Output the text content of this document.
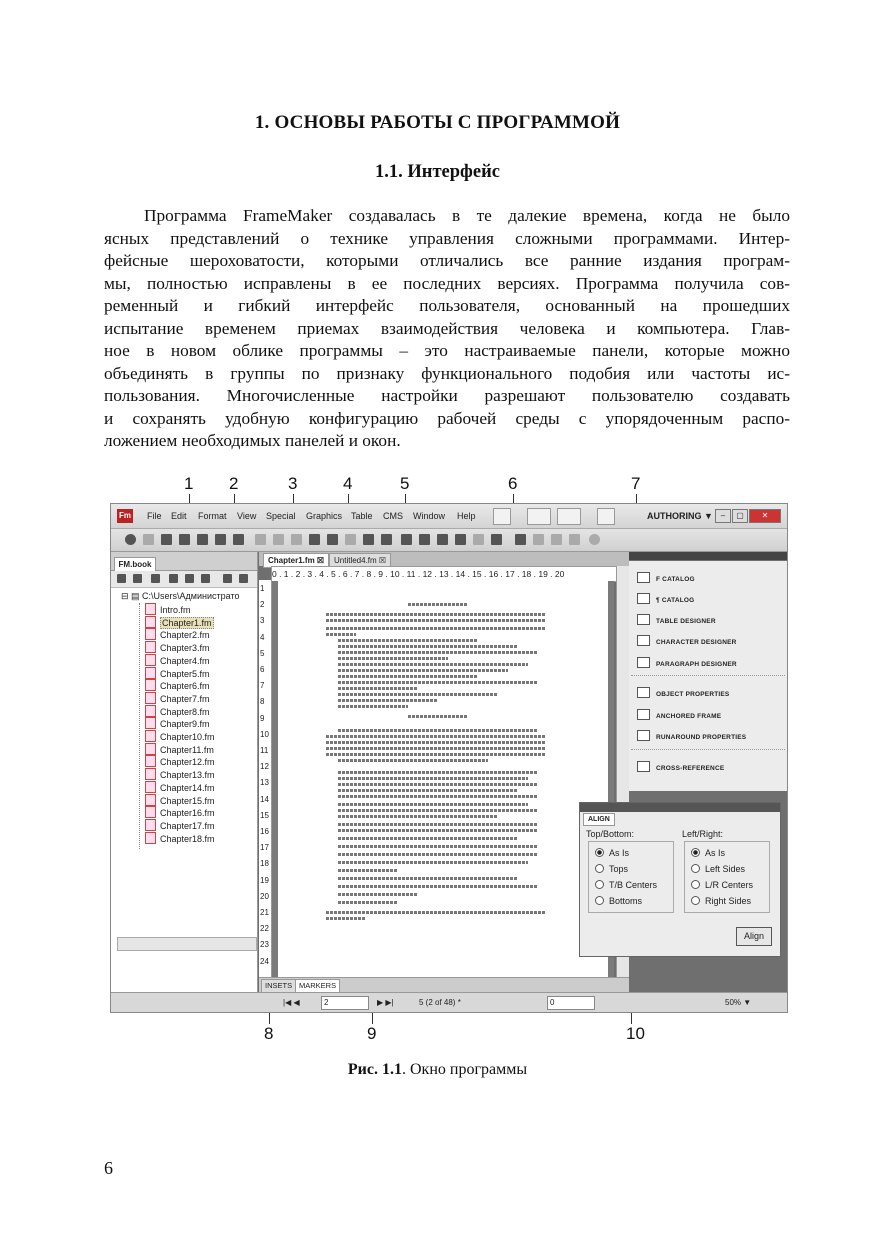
1. ОСНОВЫ РАБОТЫ С ПРОГРАММОЙ
1.1. Интерфейс
Программа FrameMaker создавалась в те далекие времена, когда не было
ясных представлений о технике управления сложными программами. Интер-
фейсные шероховатости, которыми отличались все ранние издания програм-
мы, полностью исправлены в ее последних версиях. Программа получила сов-
ременный и гибкий интерфейс пользователя, основанный на прошедших
испытание временем приемах взаимодействия человека и компьютера. Глав-
ное в новом облике программы – это настраиваемые панели, которые можно
объединять в группы по признаку функционального подобия или частоты ис-
пользования. Многочисленные настройки разрешают пользователю создавать
и сохранять удобную конфигурацию рабочей среды с упорядоченным распо-
ложением необходимых панелей и окон.
1 2	3	4	5	6	7
8	9	10
Fm File Edit Format View Special Graphics Table CMS Window Help	AUTHORING ▼ –	▢	✕
FM.book
⊟ ▤ C:\Users\Администрато
Intro.fm
Chapter1.fm
Chapter2.fm
Chapter3.fm
Chapter4.fm
Chapter5.fm
Chapter6.fm
Chapter7.fm
Chapter8.fm
Chapter9.fm
Chapter10.fm
Chapter11.fm
Chapter12.fm
Chapter13.fm
Chapter14.fm
Chapter15.fm
Chapter16.fm
Chapter17.fm
Chapter18.fm
Chapter1.fm ☒	Untitled4.fm ☒
0 . 1 . 2 . 3 . 4 . 5 . 6 . 7 . 8 . 9 . 10 . 11 . 12 . 13 . 14 . 15 . 16 . 17 . 18 . 19 . 20
1
2
3
4
5
6
7
8
9
10
11
12
13
14
15
16
17
18
19
20
21
22
23
24
INSETS MARKERS
|◀ ◀	2	▶ ▶|	5 (2 of 48) *	0	50% ▼
F CATALOG
¶ CATALOG
TABLE DESIGNER
CHARACTER DESIGNER
PARAGRAPH DESIGNER
OBJECT PROPERTIES
ANCHORED FRAME
RUNAROUND PROPERTIES
CROSS-REFERENCE
ALIGN
Top/Bottom:	Left/Right:
As Is
Tops
T/B Centers
Bottoms
As Is
Left Sides
L/R Centers
Right Sides
Align
Рис. 1.1. Окно программы
6
